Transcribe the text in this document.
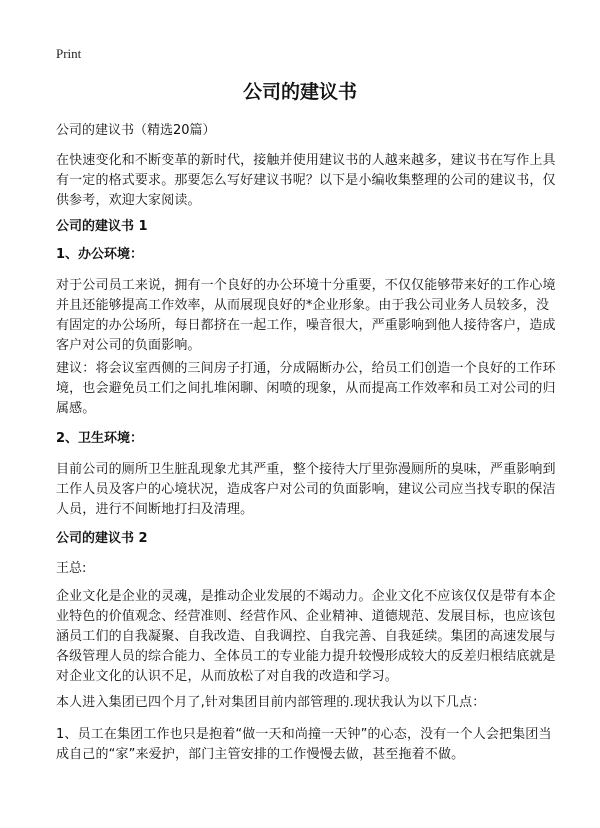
Print
公司的建议书

公司的建议书（精选20篇）

在快速变化和不断变革的新时代，接触并使用建议书的人越来越多，建议书在写作上具有一定的格式要求。那要怎么写好建议书呢？以下是小编收集整理的公司的建议书，仅供参考，欢迎大家阅读。

公司的建议书 1

1、办公环境：

对于公司员工来说，拥有一个良好的办公环境十分重要，不仅仅能够带来好的工作心境并且还能够提高工作效率，从而展现良好的*企业形象。由于我公司业务人员较多，没有固定的办公场所，每日都挤在一起工作，噪音很大，严重影响到他人接待客户，造成客户对公司的负面影响。

建议：将会议室西侧的三间房子打通，分成隔断办公，给员工们创造一个良好的工作环境，也会避免员工们之间扎堆闲聊、闲喷的现象，从而提高工作效率和员工对公司的归属感。

2、卫生环境：

目前公司的厕所卫生脏乱现象尤其严重，整个接待大厅里弥漫厕所的臭味，严重影响到工作人员及客户的心境状况，造成客户对公司的负面影响，建议公司应当找专职的保洁人员，进行不间断地打扫及清理。

公司的建议书 2

王总:

企业文化是企业的灵魂，是推动企业发展的不竭动力。企业文化不应该仅仅是带有本企业特色的价值观念、经营准则、经营作风、企业精神、道德规范、发展目标，也应该包涵员工们的自我凝聚、自我改造、自我调控、自我完善、自我延续。集团的高速发展与各级管理人员的综合能力、全体员工的专业能力提升较慢形成较大的反差归根结底就是对企业文化的认识不足，从而放松了对自我的改造和学习。

本人进入集团已四个月了,针对集团目前内部管理的.现状我认为以下几点：

1、员工在集团工作也只是抱着“做一天和尚撞一天钟”的心态，没有一个人会把集团当成自己的“家”来爱护，部门主管安排的工作慢慢去做，甚至拖着不做。
